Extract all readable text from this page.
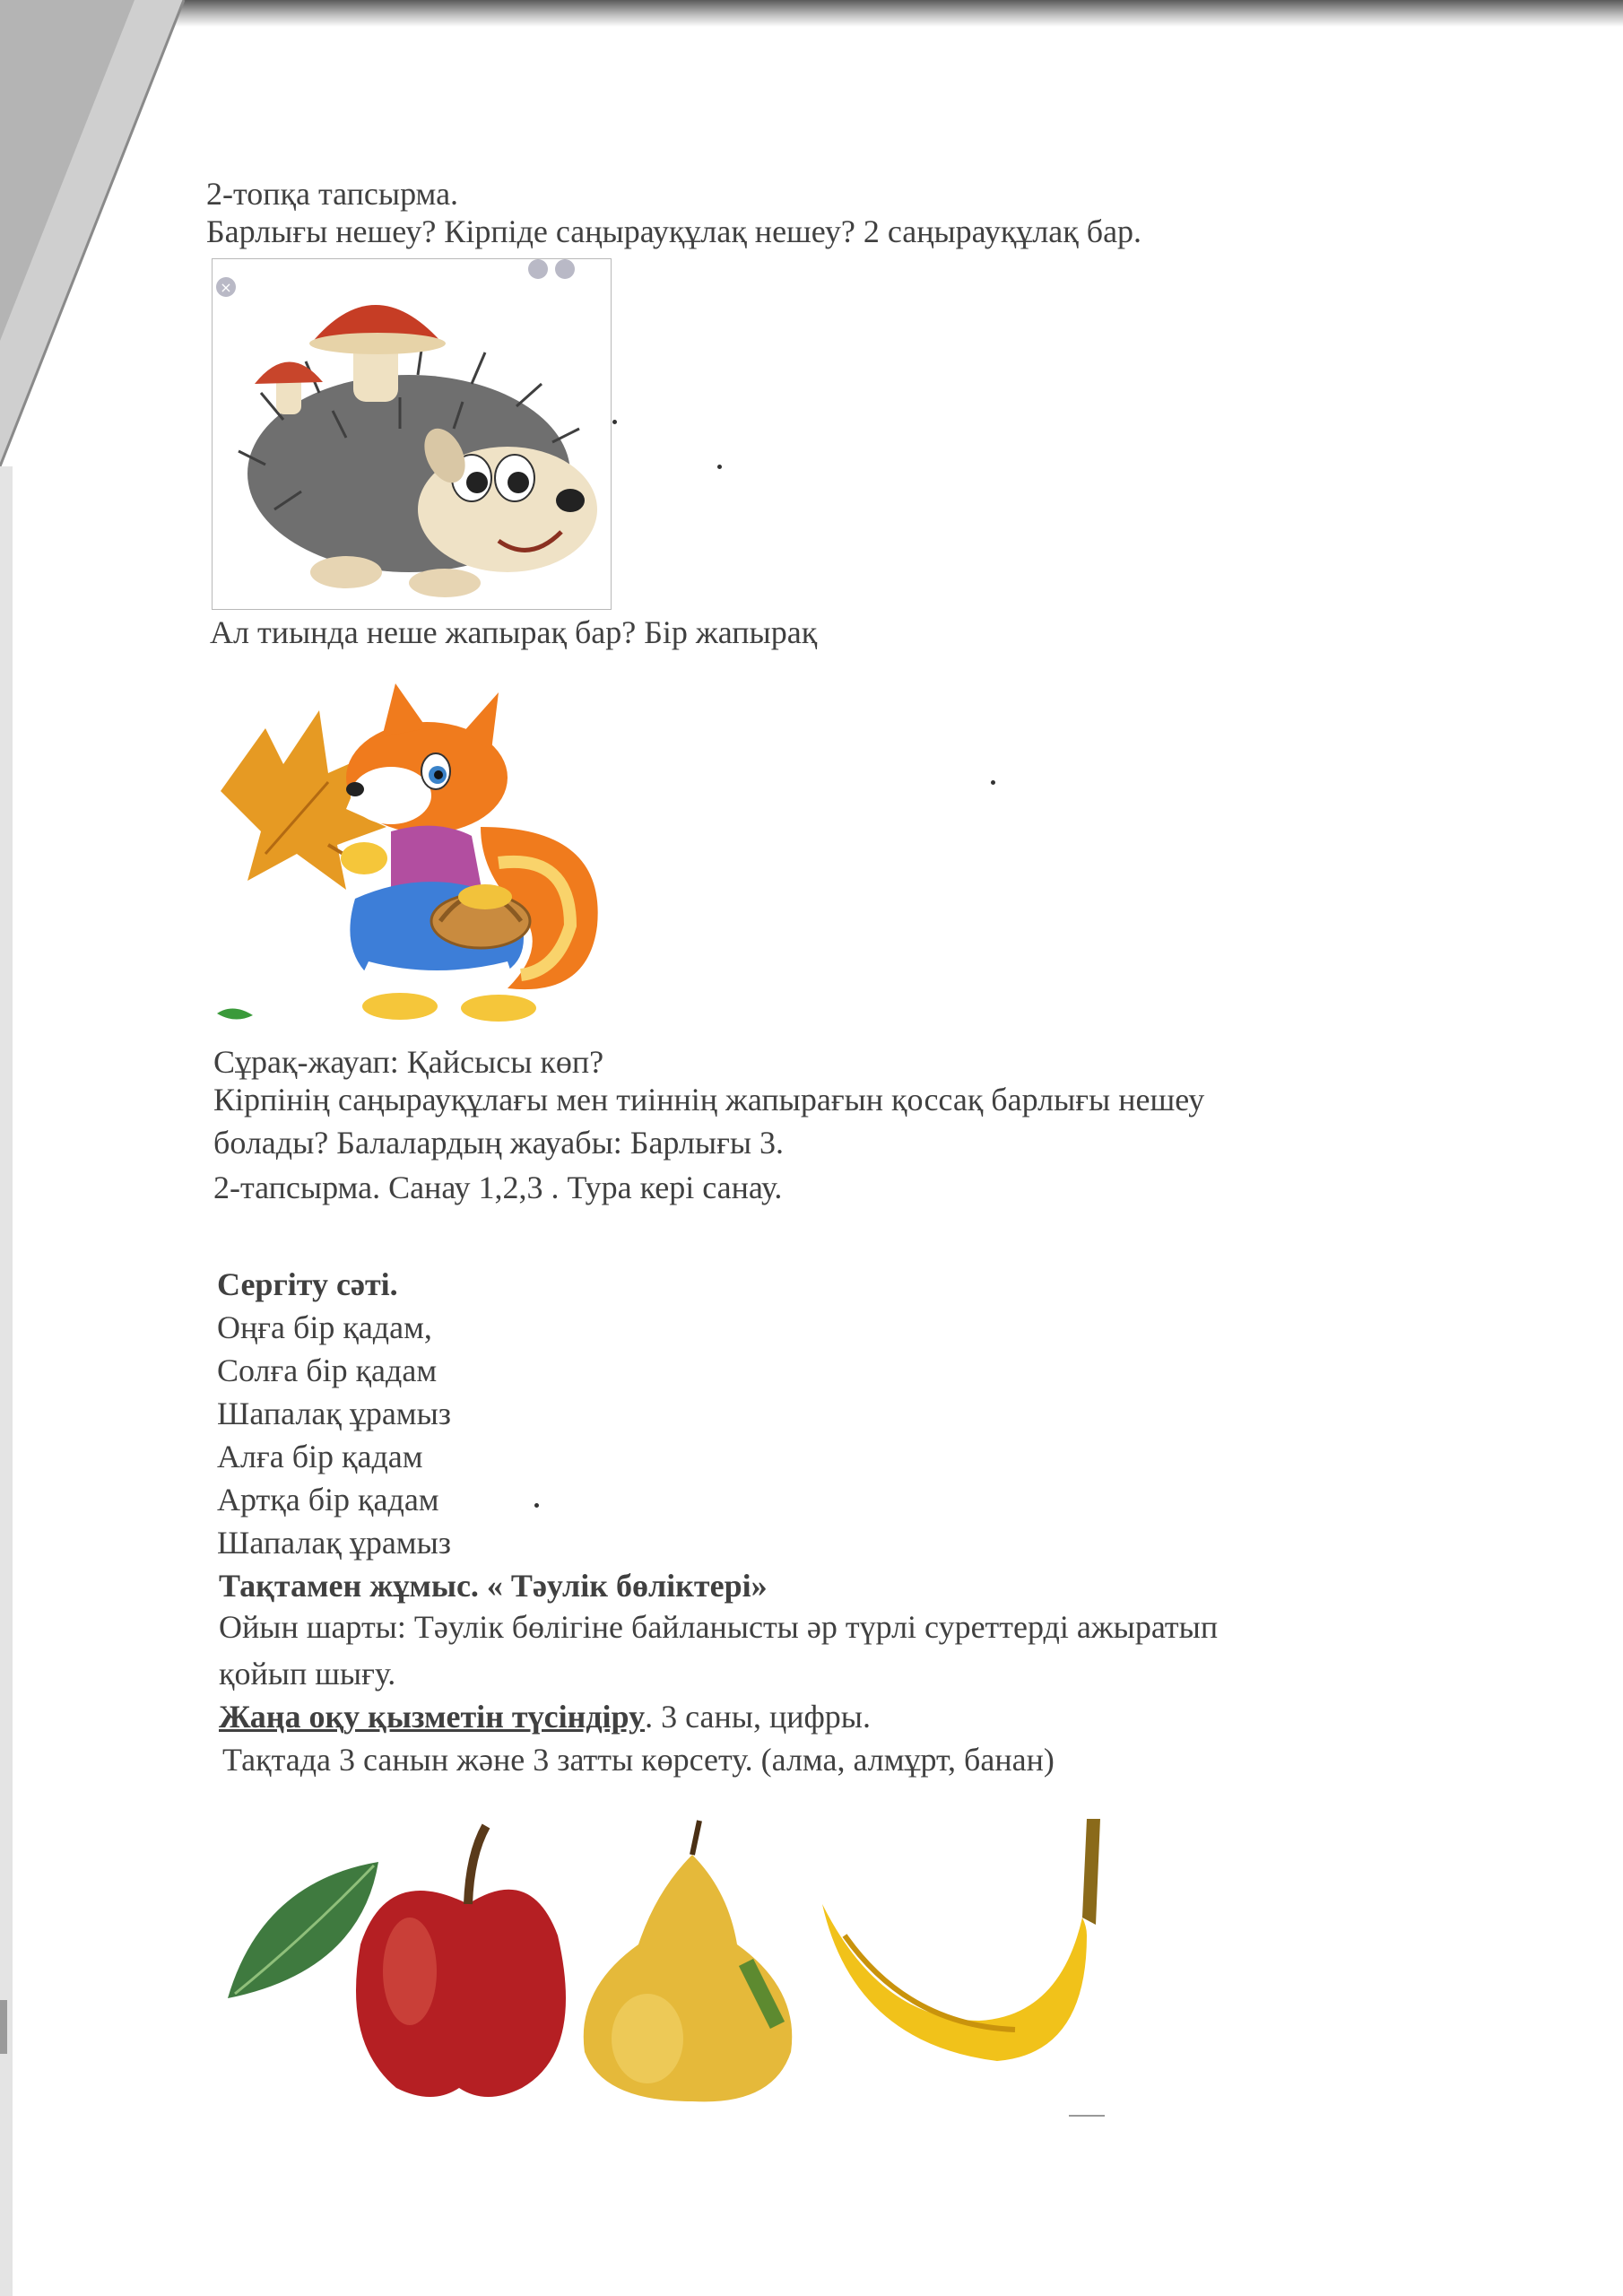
2-топқа тапсырма.
Барлығы нешеу? Кірпіде саңырауқұлақ нешеу? 2 саңырауқұлақ бар.
×
Ал тиында неше жапырақ бар? Бір жапырақ
Сұрақ-жауап: Қайсысы көп?
Кірпінің саңырауқұлағы мен тиіннің жапырағын қоссақ барлығы нешеу
болады? Балалардың жауабы: Барлығы 3.
2-тапсырма. Санау 1,2,3 . Тура кері санау.
Сергіту сәті.
Оңға бір қадам,
Солға бір қадам
Шапалақ ұрамыз
Алға бір қадам
Артқа бір қадам
Шапалақ ұрамыз
Тақтамен жұмыс. « Тәулік бөліктері»
Ойын шарты: Тәулік бөлігіне байланысты әр түрлі суреттерді ажыратып
қойып шығу.
Жаңа оқу қызметін түсіндіру. 3 саны, цифры.
Тақтада 3 санын және 3 затты көрсету. (алма, алмұрт, банан)
